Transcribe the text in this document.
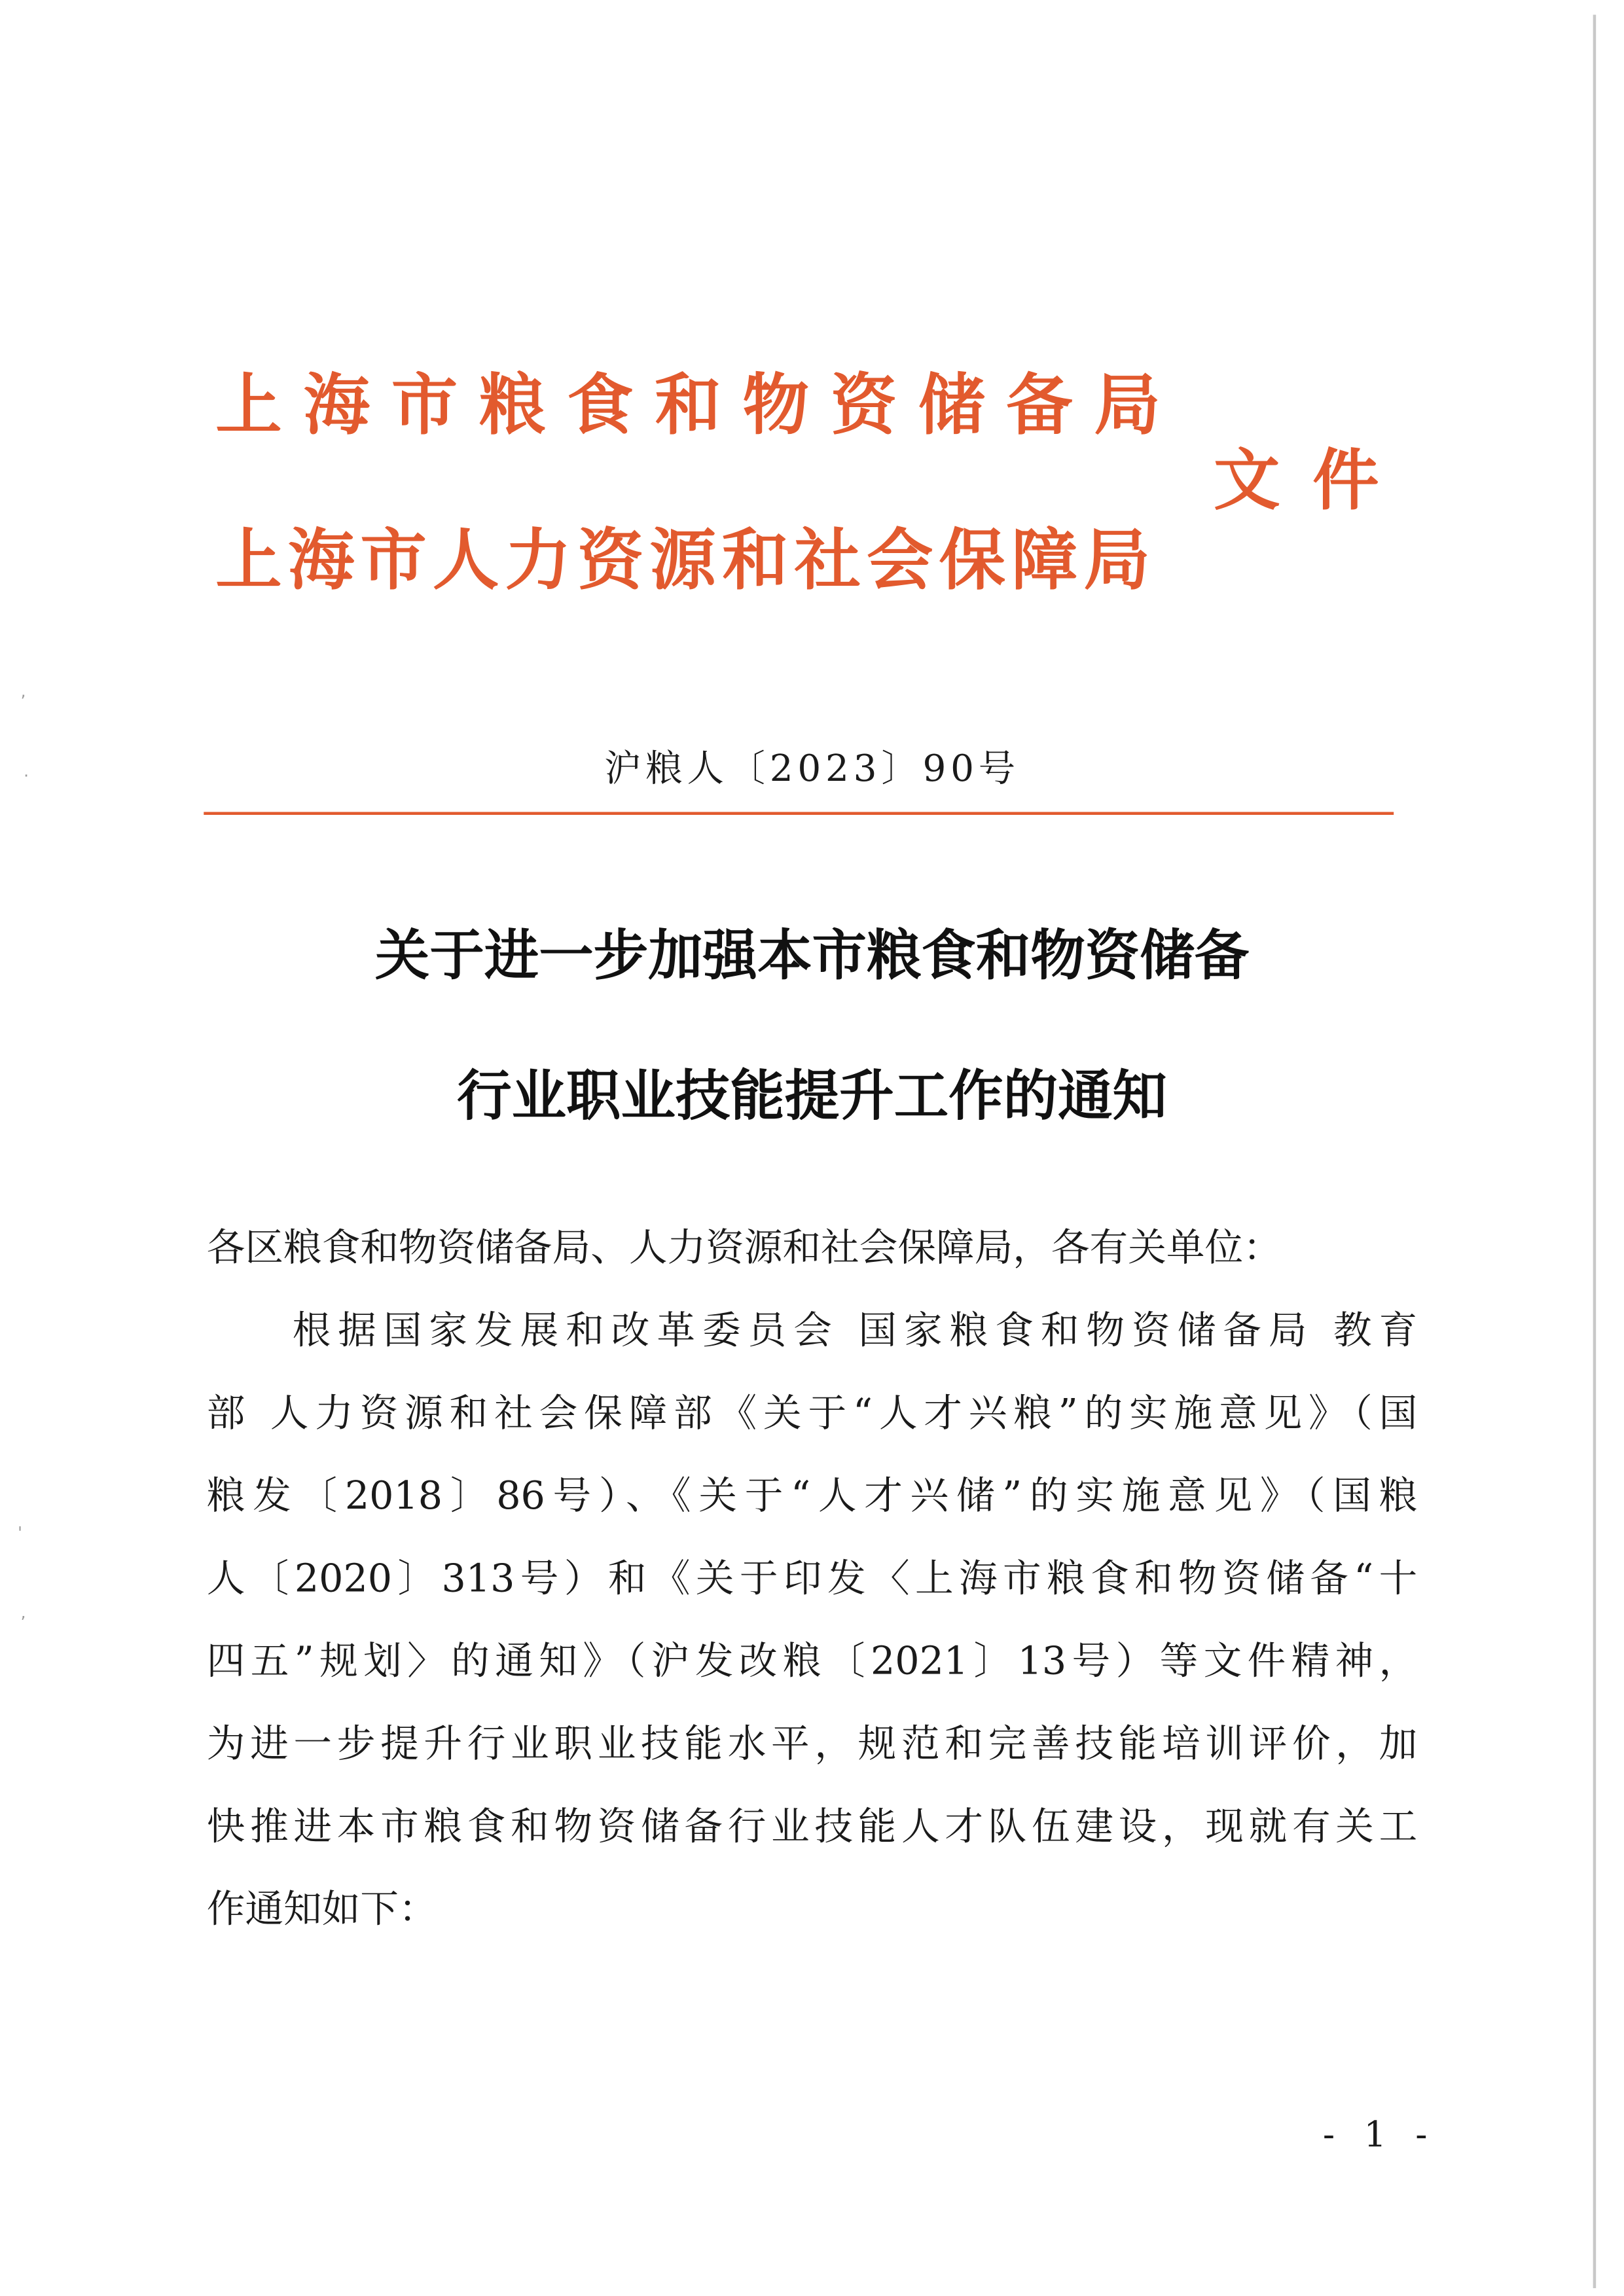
,
.
'
,
上海市粮食和物资储备局
上海市人力资源和社会保障局
文件
沪粮人〔2023〕90号
关于进一步加强本市粮食和物资储备
行业职业技能提升工作的通知
各区粮食和物资储备局、人力资源和社会保障局，各有关单位：
根据国家发展和改革委员会 国家粮食和物资储备局 教育
部 人力资源和社会保障部《关于“人才兴粮”的实施意见》（国
粮发〔2018〕86号）、《关于“人才兴储”的实施意见》（国粮
人〔2020〕313号）和《关于印发〈上海市粮食和物资储备“十
四五”规划〉的通知》（沪发改粮〔2021〕13号）等文件精神，
为进一步提升行业职业技能水平，规范和完善技能培训评价，加
快推进本市粮食和物资储备行业技能人才队伍建设，现就有关工
作通知如下：
- 1 -
